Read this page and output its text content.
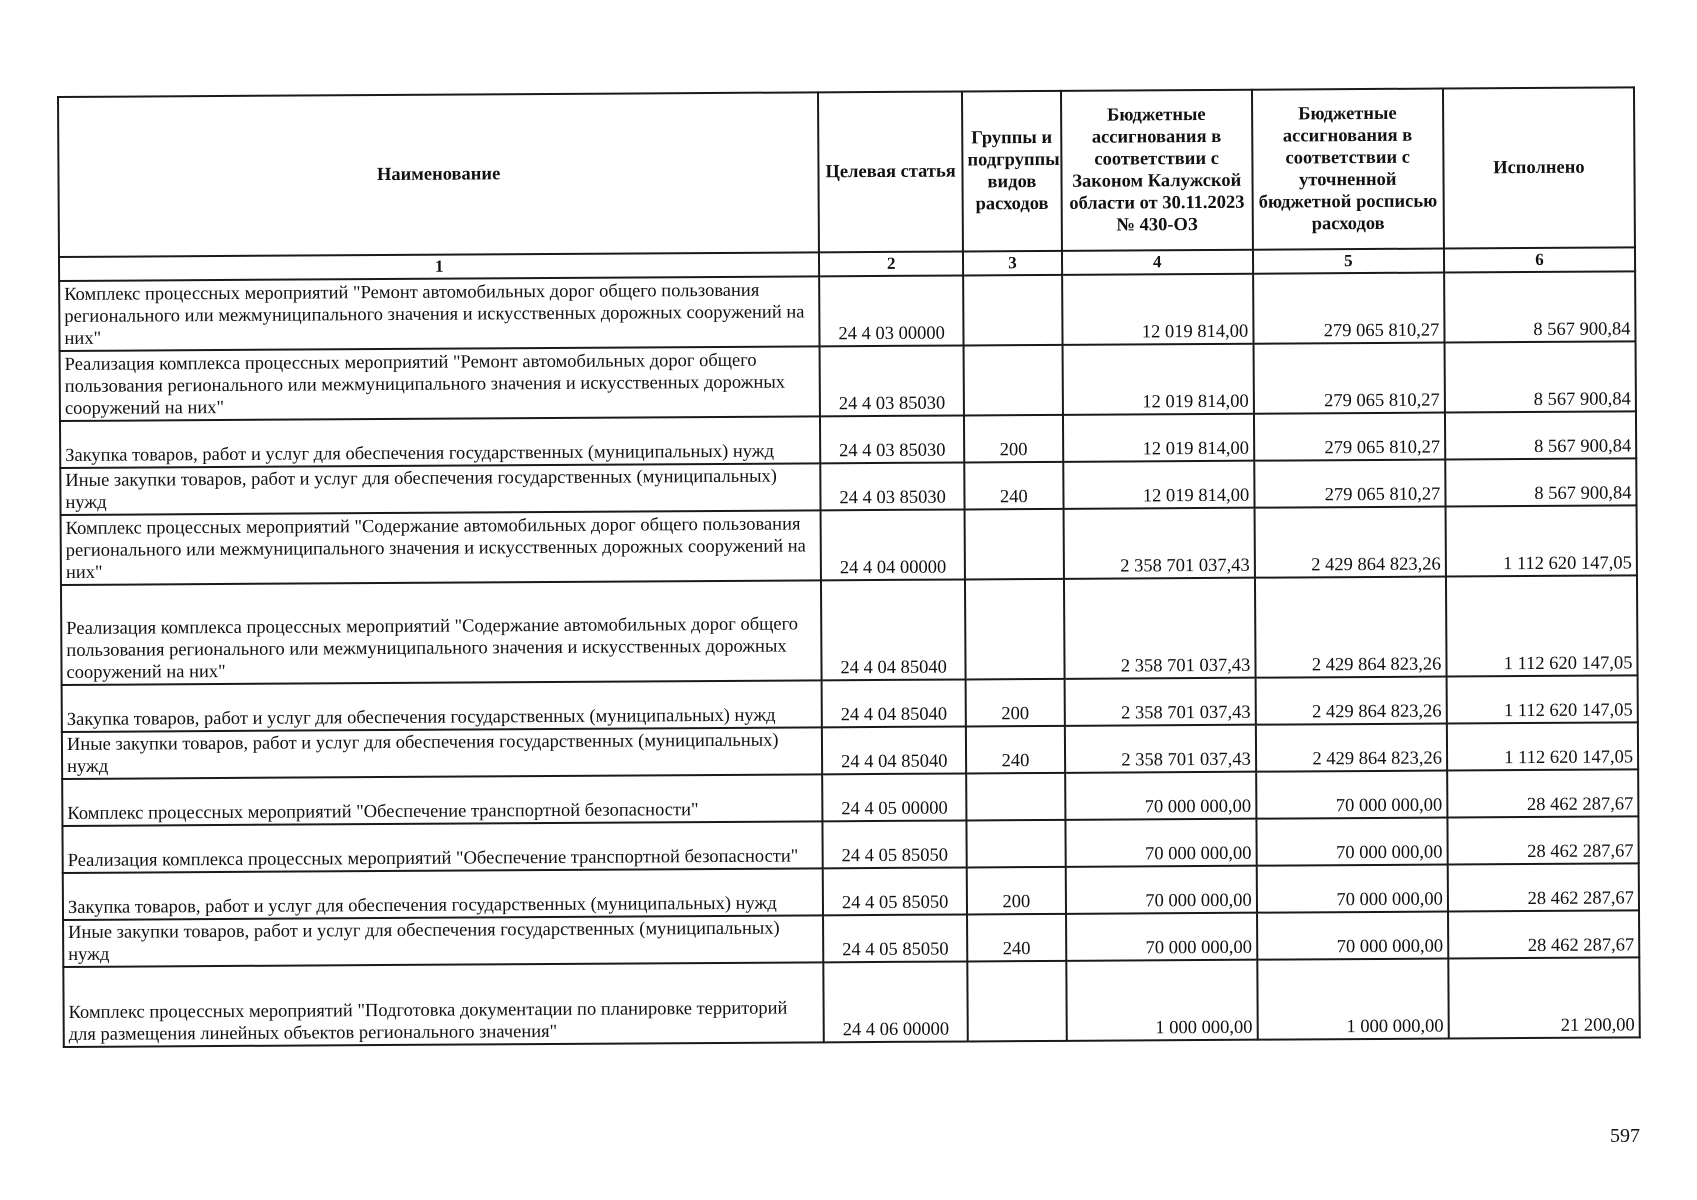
Наименование	Целевая статья	Группы и подгруппы видов расходов	Бюджетные ассигнования в соответствии с Законом Калужской области от 30.11.2023 № 430-ОЗ	Бюджетные ассигнования в соответствии с уточненной бюджетной росписью расходов	Исполнено
1	2	3	4	5	6
Комплекс процессных мероприятий "Ремонт автомобильных дорог общего пользования регионального или межмуниципального значения и искусственных дорожных сооружений на них"	24 4 03 00000		12 019 814,00	279 065 810,27	8 567 900,84
Реализация комплекса процессных мероприятий "Ремонт автомобильных дорог общего пользования регионального или межмуниципального значения и искусственных дорожных сооружений на них"	24 4 03 85030		12 019 814,00	279 065 810,27	8 567 900,84
Закупка товаров, работ и услуг для обеспечения государственных (муниципальных) нужд	24 4 03 85030	200	12 019 814,00	279 065 810,27	8 567 900,84
Иные закупки товаров, работ и услуг для обеспечения государственных (муниципальных) нужд	24 4 03 85030	240	12 019 814,00	279 065 810,27	8 567 900,84
Комплекс процессных мероприятий "Содержание автомобильных дорог общего пользования регионального или межмуниципального значения и искусственных дорожных сооружений на них"	24 4 04 00000		2 358 701 037,43	2 429 864 823,26	1 112 620 147,05
Реализация комплекса процессных мероприятий "Содержание автомобильных дорог общего пользования регионального или межмуниципального значения и искусственных дорожных сооружений на них"	24 4 04 85040		2 358 701 037,43	2 429 864 823,26	1 112 620 147,05
Закупка товаров, работ и услуг для обеспечения государственных (муниципальных) нужд	24 4 04 85040	200	2 358 701 037,43	2 429 864 823,26	1 112 620 147,05
Иные закупки товаров, работ и услуг для обеспечения государственных (муниципальных) нужд	24 4 04 85040	240	2 358 701 037,43	2 429 864 823,26	1 112 620 147,05
Комплекс процессных мероприятий "Обеспечение транспортной безопасности"	24 4 05 00000		70 000 000,00	70 000 000,00	28 462 287,67
Реализация комплекса процессных мероприятий "Обеспечение транспортной безопасности"	24 4 05 85050		70 000 000,00	70 000 000,00	28 462 287,67
Закупка товаров, работ и услуг для обеспечения государственных (муниципальных) нужд	24 4 05 85050	200	70 000 000,00	70 000 000,00	28 462 287,67
Иные закупки товаров, работ и услуг для обеспечения государственных (муниципальных) нужд	24 4 05 85050	240	70 000 000,00	70 000 000,00	28 462 287,67
Комплекс процессных мероприятий "Подготовка документации по планировке территорий для размещения линейных объектов регионального значения"	24 4 06 00000		1 000 000,00	1 000 000,00	21 200,00
597
